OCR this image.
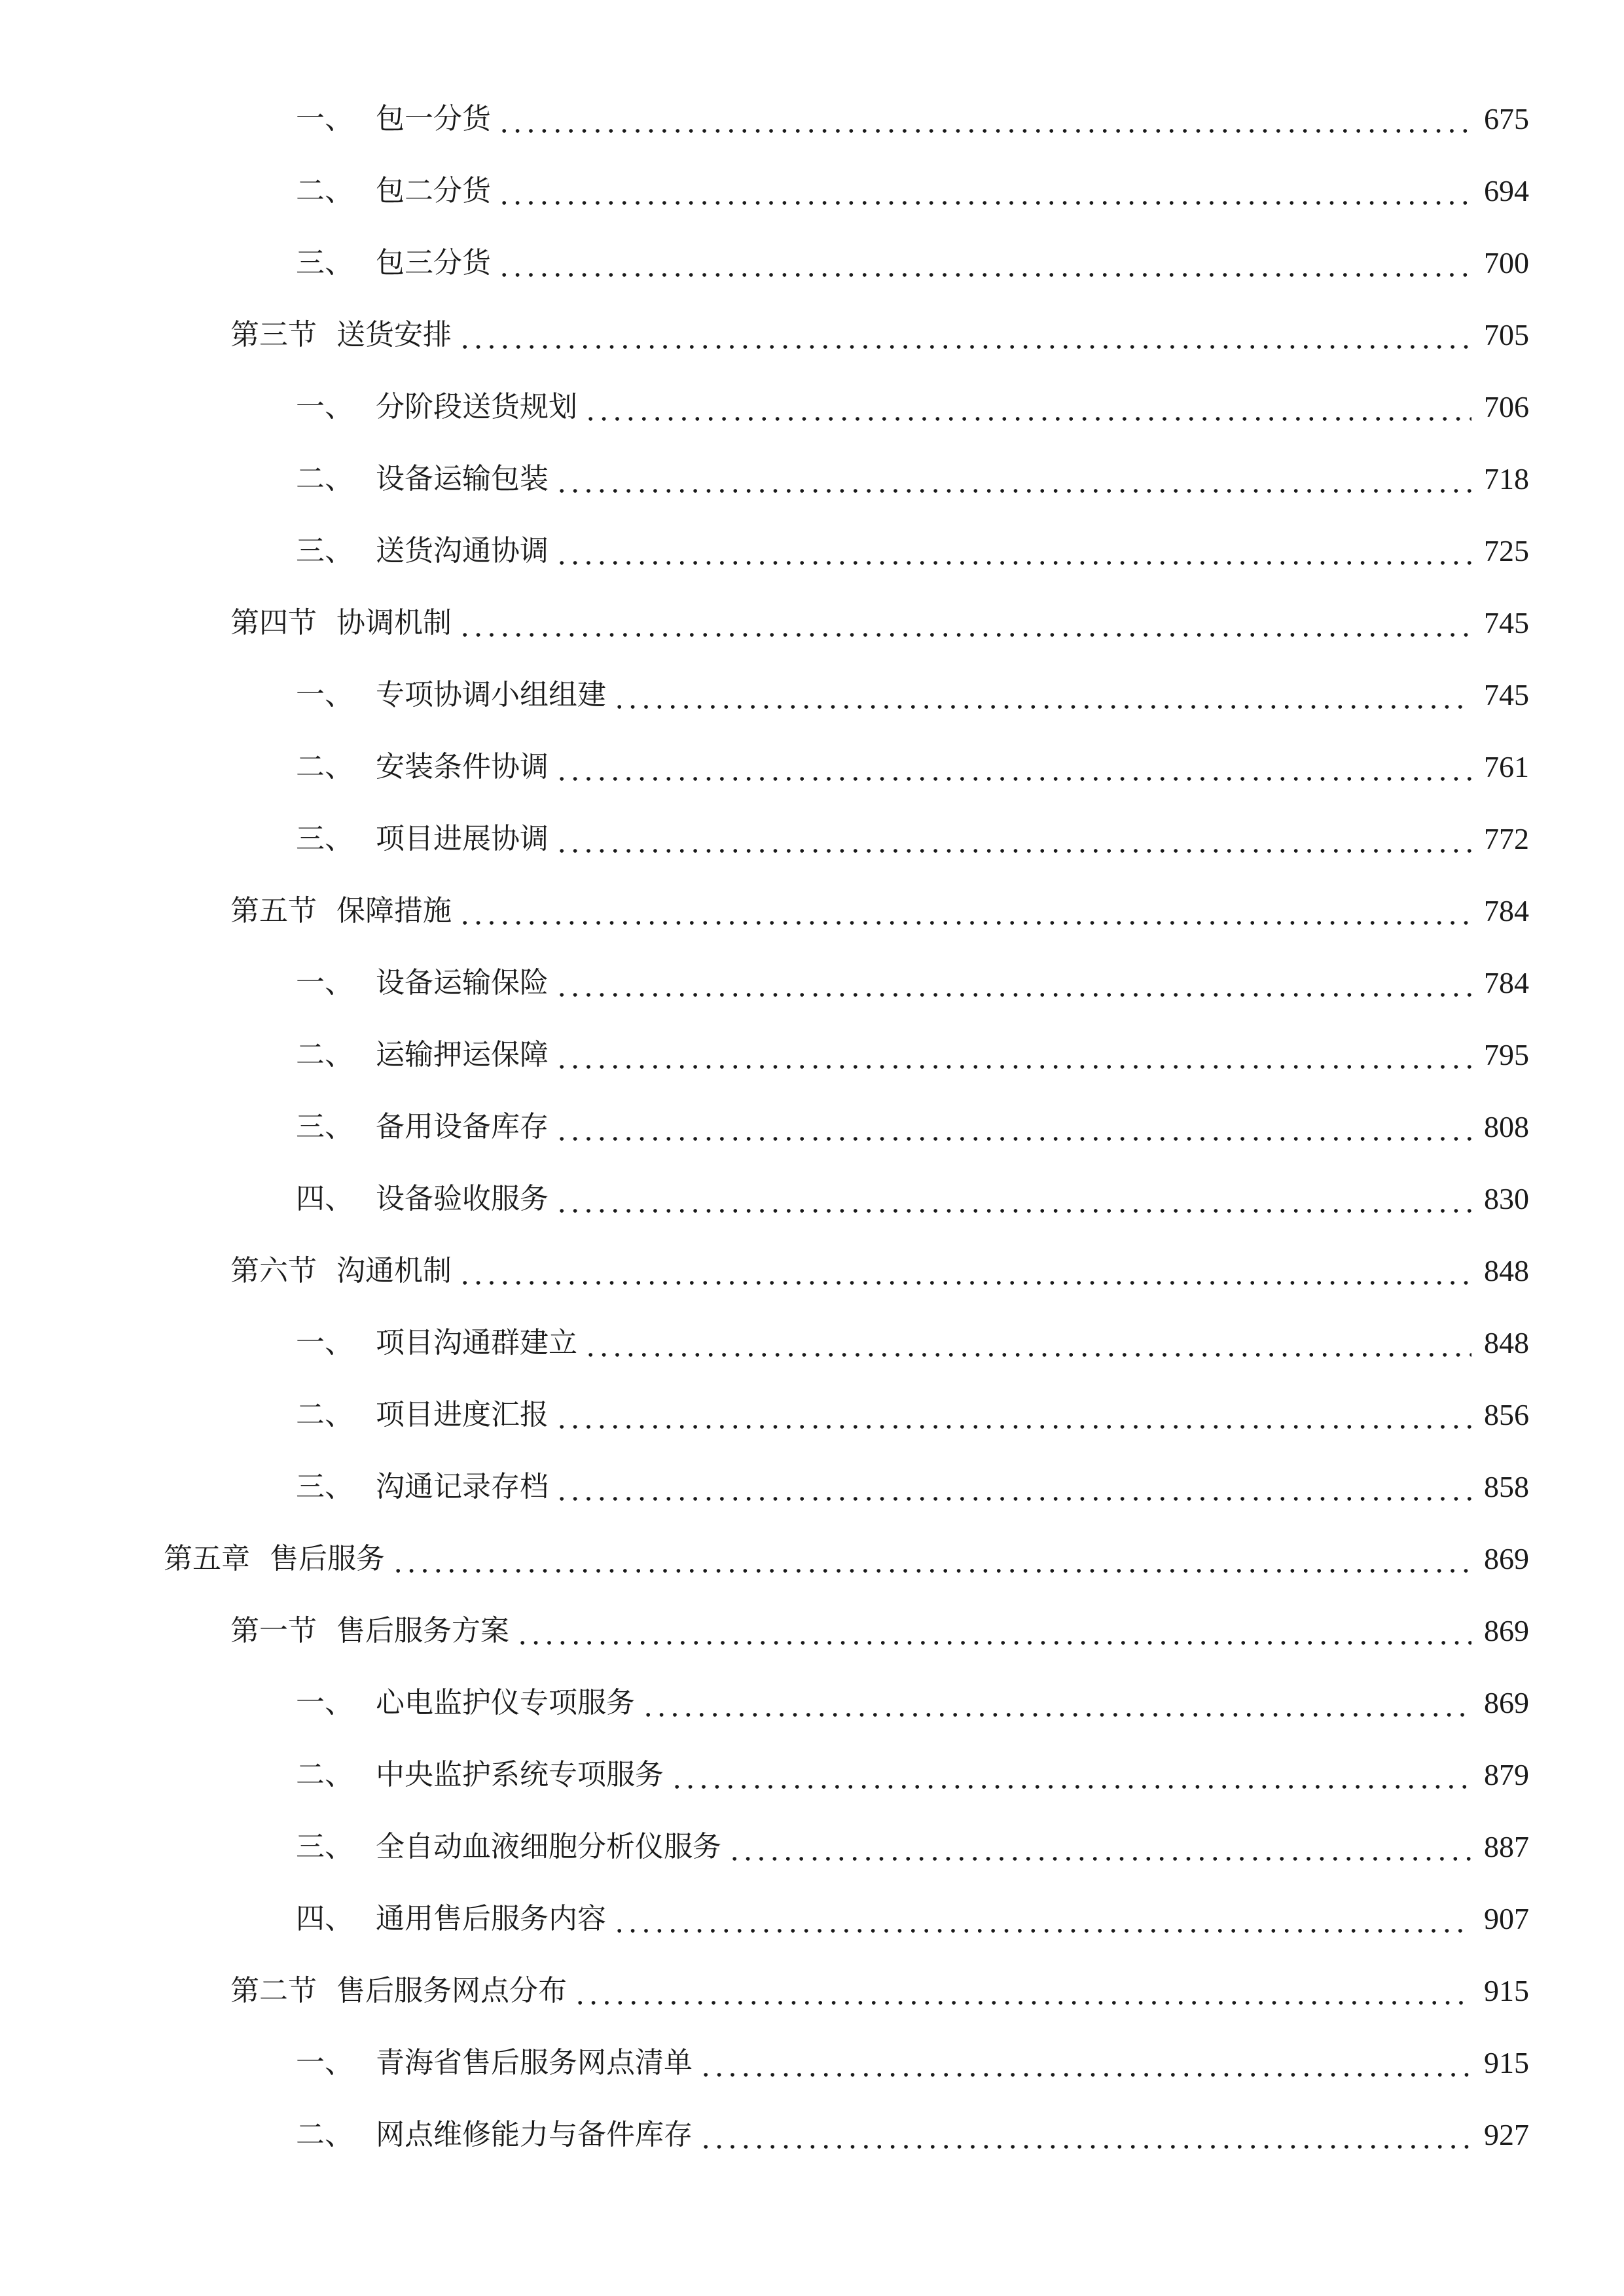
一、 包一分货	675
二、 包二分货	694
三、 包三分货	700
第三节 送货安排	705
一、 分阶段送货规划	706
二、 设备运输包装	718
三、 送货沟通协调	725
第四节 协调机制	745
一、 专项协调小组组建	745
二、 安装条件协调	761
三、 项目进展协调	772
第五节 保障措施	784
一、 设备运输保险	784
二、 运输押运保障	795
三、 备用设备库存	808
四、 设备验收服务	830
第六节 沟通机制	848
一、 项目沟通群建立	848
二、 项目进度汇报	856
三、 沟通记录存档	858
第五章 售后服务	869
第一节 售后服务方案	869
一、 心电监护仪专项服务	869
二、 中央监护系统专项服务	879
三、 全自动血液细胞分析仪服务	887
四、 通用售后服务内容	907
第二节 售后服务网点分布	915
一、 青海省售后服务网点清单	915
二、 网点维修能力与备件库存	927
